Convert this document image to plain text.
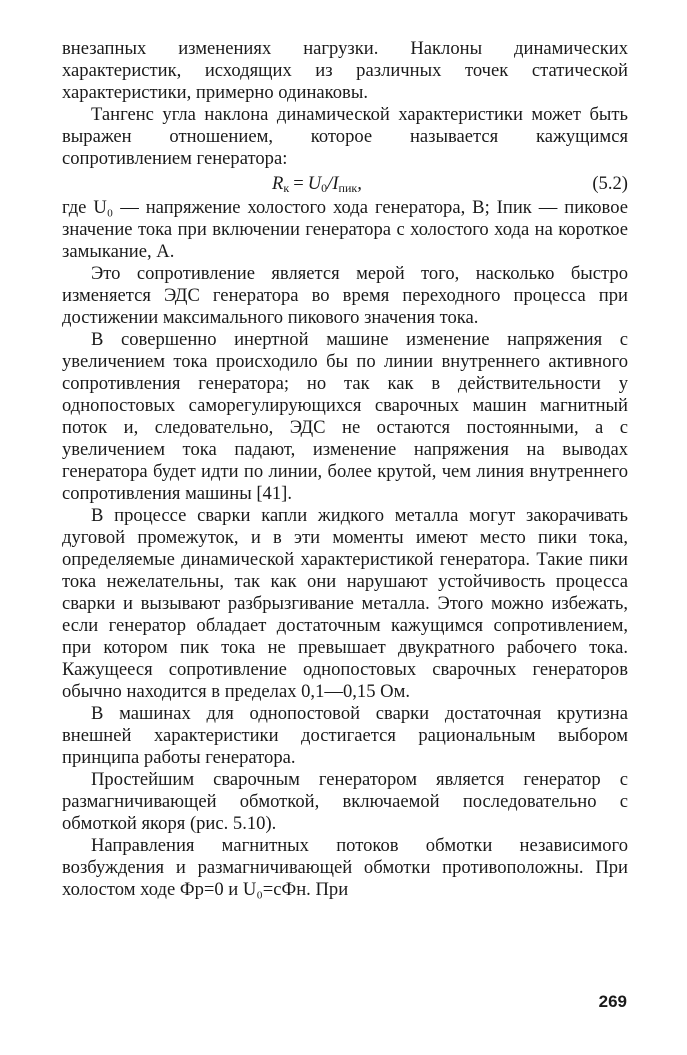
внезапных изменениях нагрузки. Наклоны динамических характеристик, исходящих из различных точек статической характеристики, примерно одинаковы.

Тангенс угла наклона динамической характеристики может быть выражен отношением, которое называется кажущимся сопротивлением генератора:

$R_к = U_0/I_{пик}$,	(5.2)

где U₀ — напряжение холостого хода генератора, В; Iпик — пиковое значение тока при включении генератора с холостого хода на короткое замыкание, А.

Это сопротивление является мерой того, насколько быстро изменяется ЭДС генератора во время переходного процесса при достижении максимального пикового значения тока.

В совершенно инертной машине изменение напряжения с увеличением тока происходило бы по линии внутреннего активного сопротивления генератора; но так как в действительности у однопостовых саморегулирующихся сварочных машин магнитный поток и, следовательно, ЭДС не остаются постоянными, а с увеличением тока падают, изменение напряжения на выводах генератора будет идти по линии, более крутой, чем линия внутреннего сопротивления машины [41].

В процессе сварки капли жидкого металла могут закорачивать дуговой промежуток, и в эти моменты имеют место пики тока, определяемые динамической характеристикой генератора. Такие пики тока нежелательны, так как они нарушают устойчивость процесса сварки и вызывают разбрызгивание металла. Этого можно избежать, если генератор обладает достаточным кажущимся сопротивлением, при котором пик тока не превышает двукратного рабочего тока. Кажущееся сопротивление однопостовых сварочных генераторов обычно находится в пределах 0,1—0,15 Ом.

В машинах для однопостовой сварки достаточная крутизна внешней характеристики достигается рациональным выбором принципа работы генератора.

Простейшим сварочным генератором является генератор с размагничивающей обмоткой, включаемой последовательно с обмоткой якоря (рис. 5.10).

Направления магнитных потоков обмотки независимого возбуждения и размагничивающей обмотки противоположны. При холостом ходе Фр=0 и U₀=cФн. При

269
